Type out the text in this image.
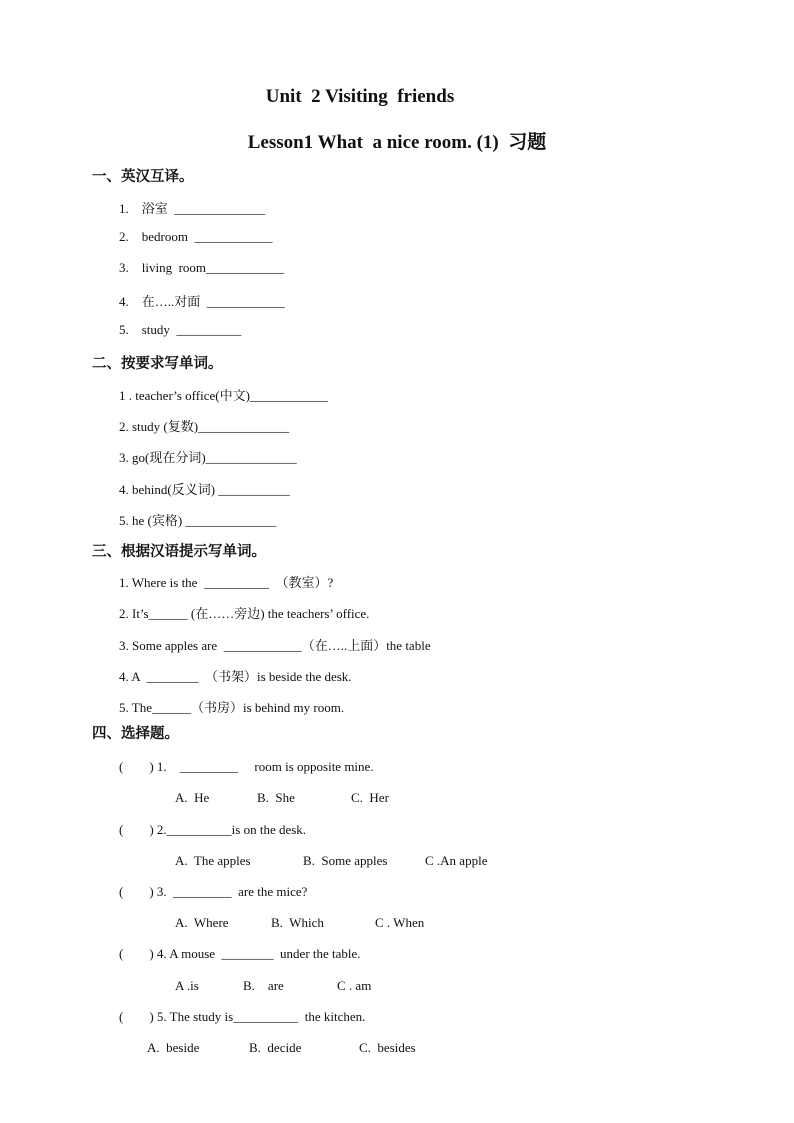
Unit  2 Visiting  friends
Lesson1 What  a nice room. (1)  习题
一、英汉互译。
1.    浴室  ______________
2.    bedroom  ____________
3.    living  room____________
4.    在…..对面  ____________
5.    study  __________
二、按要求写单词。
1 . teacher’s office(中文)____________
2. study (复数)______________
3. go(现在分词)______________
4. behind(反义词) ___________
5. he (宾格) ______________
三、根据汉语提示写单词。
1. Where is the  __________  （教室）?
2. It’s______ (在……旁边) the teachers’ office.
3. Some apples are  ____________（在…..上面）the table
4. A  ________  （书架）is beside the desk.
5. The______（书房）is behind my room.
四、选择题。
(        ) 1.    _________     room is opposite mine.
A.  He	B.  She	C.  Her
(        ) 2.__________is on the desk.
A.  The apples	B.  Some apples	C .An apple
(        ) 3.  _________  are the mice?
A.  Where	B.  Which	C . When
(        ) 4. A mouse  ________  under the table.
A .is	B.    are	C . am
(        ) 5. The study is__________  the kitchen.
A.  beside	B.  decide	C.  besides
